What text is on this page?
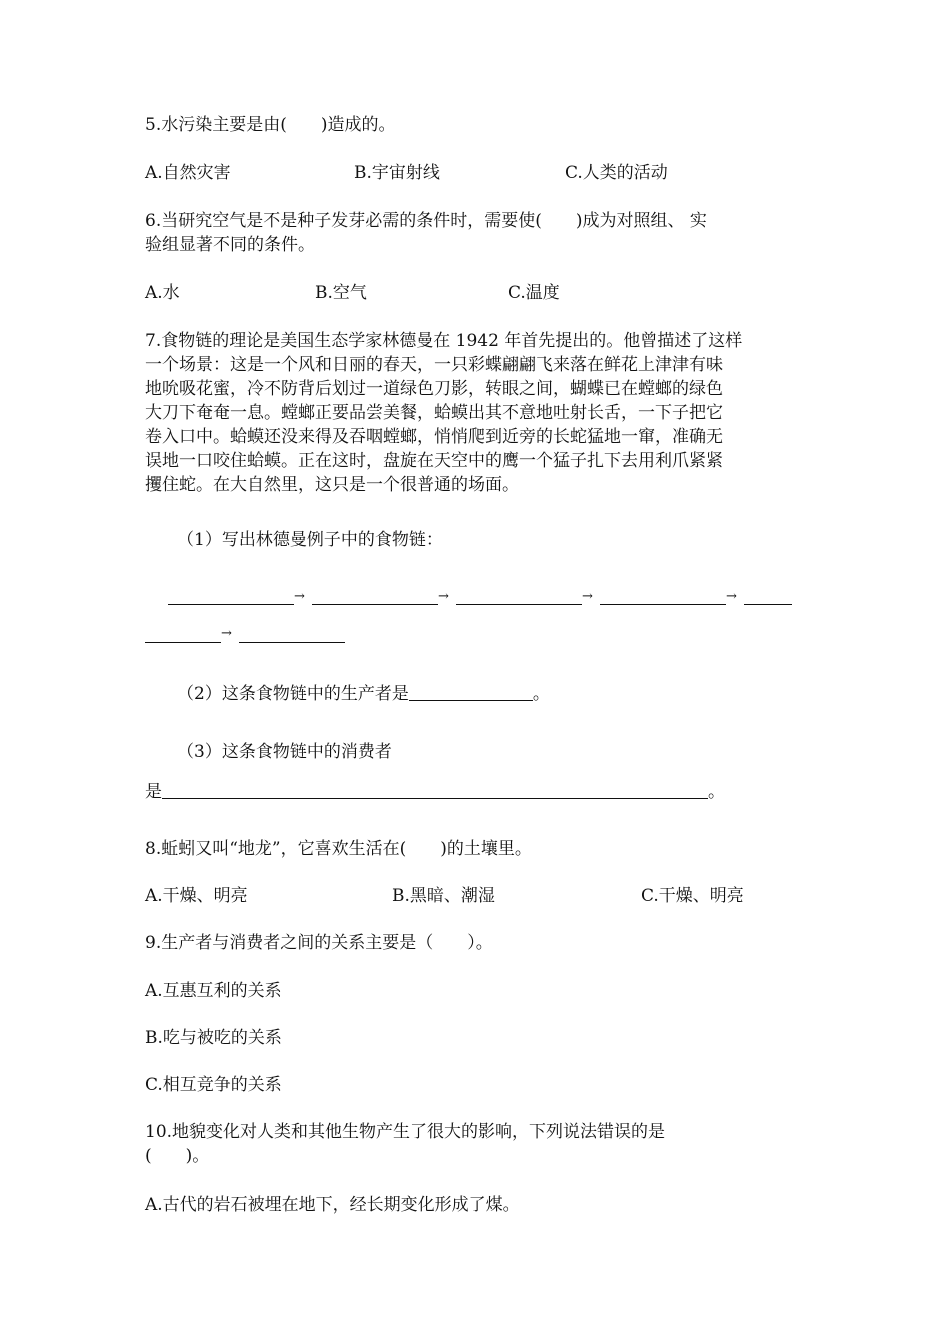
5.水污染主要是由(　　)造成的。
A.自然灾害	B.宇宙射线	C.人类的活动
6.当研究空气是不是种子发芽必需的条件时，需要使(　　)成为对照组、 实
验组显著不同的条件。
A.水	B.空气	C.温度
7.食物链的理论是美国生态学家林德曼在 1942 年首先提出的。他曾描述了这样
一个场景：这是一个风和日丽的春天，一只彩蝶翩翩飞来落在鲜花上津津有味
地吮吸花蜜，冷不防背后划过一道绿色刀影，转眼之间，蝴蝶已在螳螂的绿色
大刀下奄奄一息。螳螂正要品尝美餐，蛤蟆出其不意地吐射长舌，一下子把它
卷入口中。蛤蟆还没来得及吞咽螳螂，悄悄爬到近旁的长蛇猛地一窜，准确无
误地一口咬住蛤蟆。正在这时，盘旋在天空中的鹰一个猛子扎下去用利爪紧紧
攫住蛇。在大自然里，这只是一个很普通的场面。
（1）写出林德曼例子中的食物链：
→	→	→	→
→
（2）这条食物链中的生产者是	。
（3）这条食物链中的消费者
是	。
8.蚯蚓又叫“地龙”，它喜欢生活在(　　)的土壤里。
A.干燥、明亮	B.黑暗、潮湿	C.干燥、明亮
9.生产者与消费者之间的关系主要是（　　）。
A.互惠互利的关系
B.吃与被吃的关系
C.相互竞争的关系
10.地貌变化对人类和其他生物产生了很大的影响，下列说法错误的是
(　　)。
A.古代的岩石被埋在地下，经长期变化形成了煤。
